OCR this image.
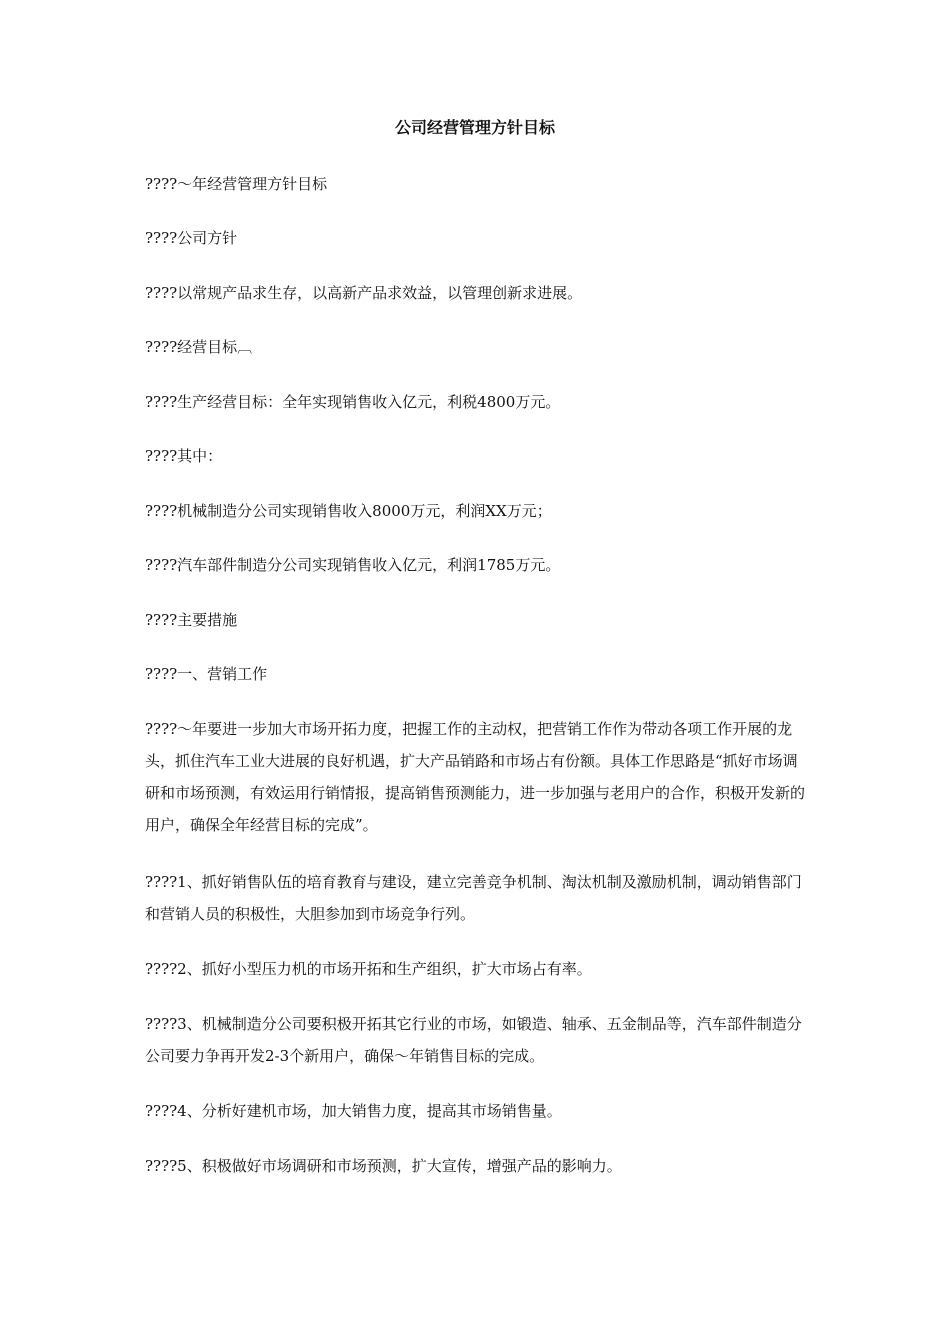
公司经营管理方针目标
????～年经营管理方针目标
????公司方针
????以常规产品求生存，以高新产品求效益，以管理创新求进展。
????经营目标︹
????生产经营目标：全年实现销售收入亿元，利税4800万元。
????其中：
????机械制造分公司实现销售收入8000万元，利润XX万元；
????汽车部件制造分公司实现销售收入亿元，利润1785万元。
????主要措施
????一、营销工作
????～年要进一步加大市场开拓力度，把握工作的主动权，把营销工作作为带动各项工作开展的龙头，抓住汽车工业大进展的良好机遇，扩大产品销路和市场占有份额。具体工作思路是“抓好市场调研和市场预测，有效运用行销情报，提高销售预测能力，进一步加强与老用户的合作，积极开发新的用户，确保全年经营目标的完成”。
????1、抓好销售队伍的培育教育与建设，建立完善竞争机制、淘汰机制及激励机制，调动销售部门和营销人员的积极性，大胆参加到市场竞争行列。
????2、抓好小型压力机的市场开拓和生产组织，扩大市场占有率。
????3、机械制造分公司要积极开拓其它行业的市场，如锻造、轴承、五金制品等，汽车部件制造分公司要力争再开发2-3个新用户，确保～年销售目标的完成。
????4、分析好建机市场，加大销售力度，提高其市场销售量。
????5、积极做好市场调研和市场预测，扩大宣传，增强产品的影响力。
